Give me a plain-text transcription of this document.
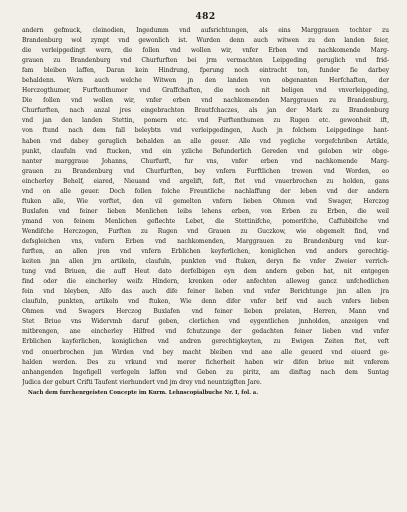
482
andern gefmuck, cleinodien, Ingedumm vnd aufsrichtungen, als eins Marggrauen tochter zu
Brandenburg wol zympt vnd gewonlich ist. Wurden denn auch witwen zu den landen feier,
die verleipgedingt wern, die follen vnd wollen wir, vnfer Erben vnd nachkomende Marg-
grauen zu Brandenburg vnd Churfurften bei jrm vermachten Leipgeding geruglich vnd frid-
fam bleiben laffen, Daran kein Hindrung, fperung noch eintracht ton, funder fie darbey
behaldenn. Wern auch welche Witwen jn den landen von obgenanten Herfchaften, der
Herczogthumer, Furftenthumer vnd Graffchaften, die noch nit beligen vnd vnverleipgeding,
Die follen vnd wollen wir, vnfer erben vnd nachkomenden Marggrauen zu Brandenburg,
Churfurften, nach anzal jres eingebrachten Brautfchaczes, als jan der Mark zu Brandenburg
vnd jan den landen Stettin, pomern etc. vnd Furftenthumen zu Rugen etc. gewonheit ift,
von ftund nach dem fall beleybtn vnd verleipgedingen, Auch jn folchem Leipgedinge hant-
haben vnd dabey geruglich behalden an alle geuer. Alle vnd yegliche vorgefchriben Artikle,
punkt, claufuln vnd ftucken, vnd ein yzliche Befunderlich Gereden vnd geloben wir obge-
nanter marggraue Johanns, Churfurft, fur vns, vnfer erben vnd nachkomende Marg-
grauen zu Brandenburg vnd Churfurften, bey vnfern Furftlichen trewen vnd Worden, eo
eincherley Behelf, eiared, Nieuand vnd argelift, feft, ftet vnd vnuerbrochen zu holden, gans
vnd on alle geuer. Doch follen folche Freuntliche nachlaffung der leben vnd der andern
ftuken alle, Wie vorftet, den vil gemelten vnfern lieben Ohmen vnd Swager, Herczog
Buxlafen vnd feiner lieben Menlichen leibs lehens erben, von Erben zu Erben, die weil
ymand von feinem Menlichen geflechte Lebet, die Stettinifche, pomerifche, Caffubbifche vnd
Wendifche Herczogen, Furften zu Rugen vnd Grauen zu Guczkow, wie obgemelt find, vnd
defsgleichen vns, vnfern Erben vnd nachkomenden, Marggrauen zu Brandenburg vnd kur-
furften, an allen jren vnd vnfern Erblichen keyferlichen, koniglichen vnd anders gerechtig-
keiten jnn allen jrn artikeln, claufuln, punkten vnd ftuken, deryn fie vnfer Zweier verrich-
tung vnd Briuen, die auff Heut dato derfelbigen eyn dem andern geben hat, nit entgegen
find oder die eincherley weifz Hindern, krenken oder anfechten alleweg gancz unfchedlichen
fein vnd bleyben, Alfo das auch dife feiner lieben vnd vnfer Berichtunge jnn allen jra
claufuln, punkten, artikeln vnd ftuken, Wie denn difer vnfer brif vnd auch vnfers lieben
Ohmen vnd Swagers Herczog Buxlafen vnd feiner lieben prelaten, Herren, Mann vnd
Stet Briue vns Widervmb daruf geben, clerlichen vnd eygentlichen jnnholden, anzeigen vnd
mitbrengen, ane eincherley Hilfred vnd fchutzunge der gedachten feiner lieben vnd vnfer
Erblichen kayferlichen, koniglichen vnd andren gerechtigkeyten, zu Ewigen Zeiten ftet, veft
vnd onuerbrochen jun Wirden vnd bey macht bleiben vnd ane alle geuerd vnd eiuerd ge-
halden werden. Des zu vrkund vnd merer ficherheit haben wir difen briue mit vnferem
anhangenden Ingefigell verfegeln laffen vnd Geben zu piritz, am dinftag nach dem Suntag
Judica der geburt Crifti Taufent vierhundert vnd jm drey vnd neuntzigften Jare.
Nach dem furchenrgeisten Concepte im Kurm. Lehnscopialbuche Nr. I, fol. a.
